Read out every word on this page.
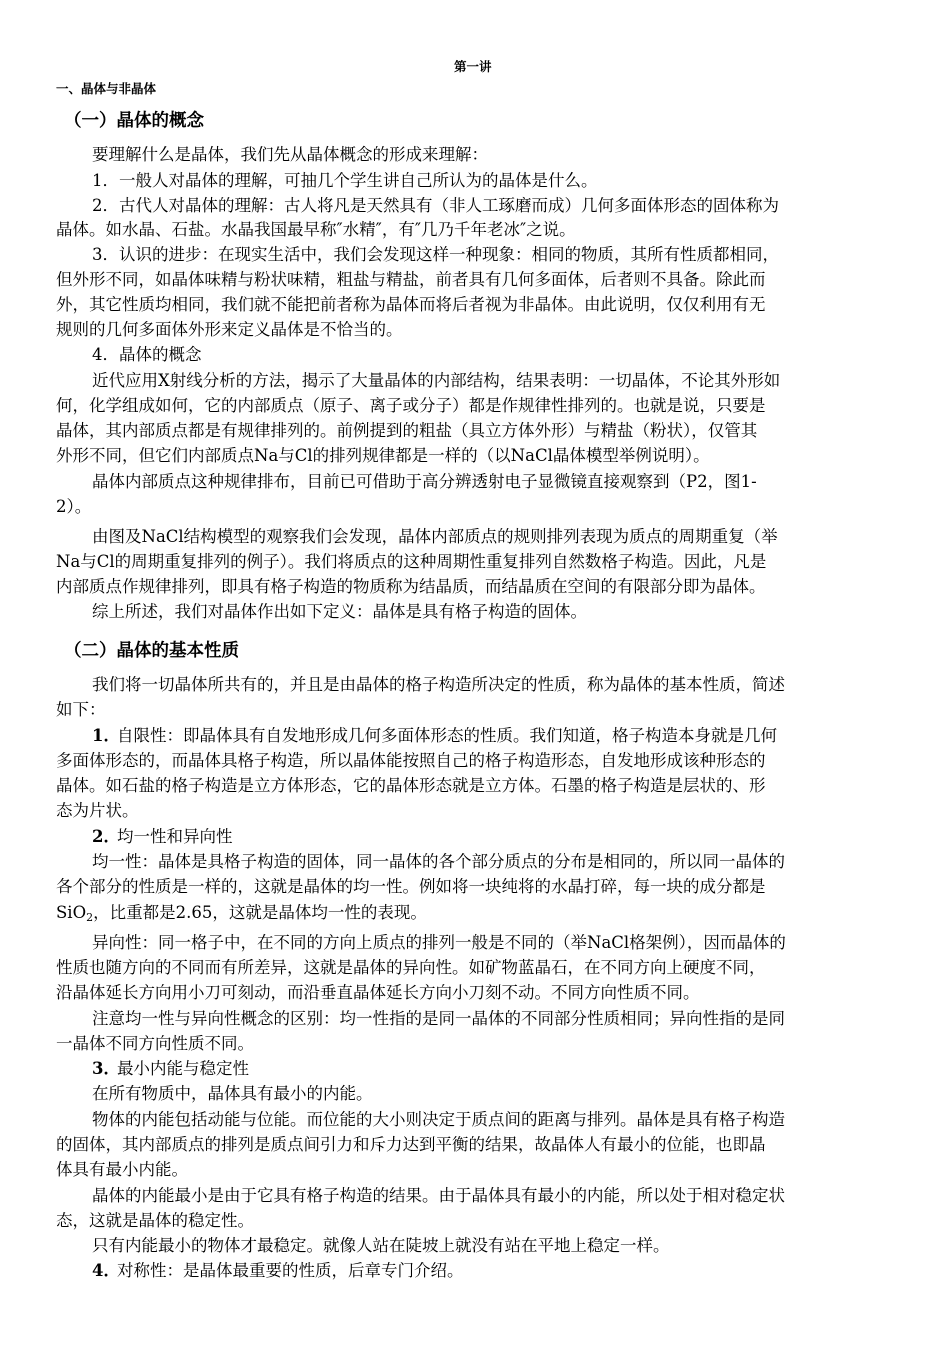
第一讲
一、晶体与非晶体
（一）晶体的概念
要理解什么是晶体，我们先从晶体概念的形成来理解：
1．一般人对晶体的理解，可抽几个学生讲自己所认为的晶体是什么。
2．古代人对晶体的理解：古人将凡是天然具有（非人工琢磨而成）几何多面体形态的固体称为
晶体。如水晶、石盐。水晶我国最早称″水精″，有″几乃千年老冰″之说。
3．认识的进步：在现实生活中，我们会发现这样一种现象：相同的物质，其所有性质都相同，
但外形不同，如晶体味精与粉状味精，粗盐与精盐，前者具有几何多面体，后者则不具备。除此而
外，其它性质均相同，我们就不能把前者称为晶体而将后者视为非晶体。由此说明，仅仅利用有无
规则的几何多面体外形来定义晶体是不恰当的。
4．晶体的概念
近代应用X射线分析的方法，揭示了大量晶体的内部结构，结果表明：一切晶体，不论其外形如
何，化学组成如何，它的内部质点（原子、离子或分子）都是作规律性排列的。也就是说，只要是
晶体，其内部质点都是有规律排列的。前例提到的粗盐（具立方体外形）与精盐（粉状），仅管其
外形不同，但它们内部质点Na与Cl的排列规律都是一样的（以NaCl晶体模型举例说明）。
晶体内部质点这种规律排布，目前已可借助于高分辨透射电子显微镜直接观察到（P2，图1-
2）。
由图及NaCl结构模型的观察我们会发现，晶体内部质点的规则排列表现为质点的周期重复（举
Na与Cl的周期重复排列的例子）。我们将质点的这种周期性重复排列自然数格子构造。因此，凡是
内部质点作规律排列，即具有格子构造的物质称为结晶质，而结晶质在空间的有限部分即为晶体。
综上所述，我们对晶体作出如下定义：晶体是具有格子构造的固体。
（二）晶体的基本性质
我们将一切晶体所共有的，并且是由晶体的格子构造所决定的性质，称为晶体的基本性质，简述
如下：
1．
自限性：即晶体具有自发地形成几何多面体形态的性质。我们知道，格子构造本身就是几何
多面体形态的，而晶体具格子构造，所以晶体能按照自己的格子构造形态，自发地形成该种形态的
晶体。如石盐的格子构造是立方体形态，它的晶体形态就是立方体。石墨的格子构造是层状的、形
态为片状。
2．
均一性和异向性
均一性：晶体是具格子构造的固体，同一晶体的各个部分质点的分布是相同的，所以同一晶体的
各个部分的性质是一样的，这就是晶体的均一性。例如将一块纯将的水晶打碎，每一块的成分都是
SiO$_2$，比重都是2.65，这就是晶体均一性的表现。
异向性：同一格子中，在不同的方向上质点的排列一般是不同的（举NaCl格架例），因而晶体的
性质也随方向的不同而有所差异，这就是晶体的异向性。如矿物蓝晶石，在不同方向上硬度不同，
沿晶体延长方向用小刀可刻动，而沿垂直晶体延长方向小刀刻不动。不同方向性质不同。
注意均一性与异向性概念的区别：均一性指的是同一晶体的不同部分性质相同；异向性指的是同
一晶体不同方向性质不同。
3．
最小内能与稳定性
在所有物质中，晶体具有最小的内能。
物体的内能包括动能与位能。而位能的大小则决定于质点间的距离与排列。晶体是具有格子构造
的固体，其内部质点的排列是质点间引力和斥力达到平衡的结果，故晶体人有最小的位能，也即晶
体具有最小内能。
晶体的内能最小是由于它具有格子构造的结果。由于晶体具有最小的内能，所以处于相对稳定状
态，这就是晶体的稳定性。
只有内能最小的物体才最稳定。就像人站在陡坡上就没有站在平地上稳定一样。
4．
对称性：是晶体最重要的性质，后章专门介绍。
